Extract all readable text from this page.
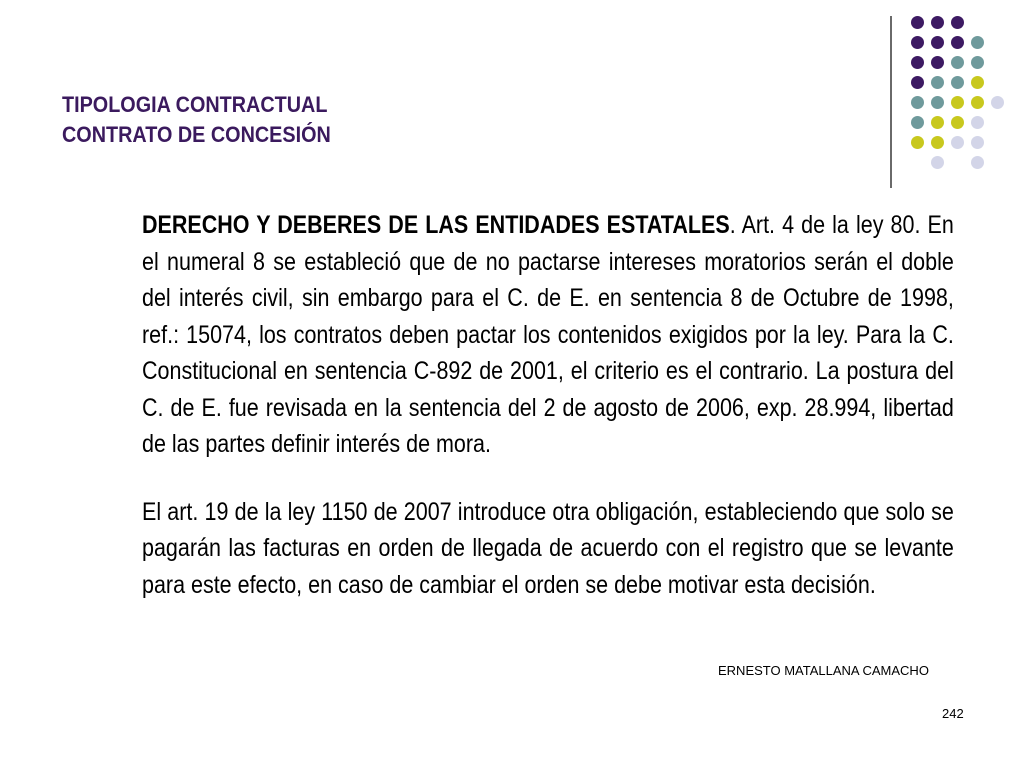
TIPOLOGIA CONTRACTUAL
CONTRATO DE CONCESIÓN

DERECHO Y DEBERES DE LAS ENTIDADES ESTATALES. Art. 4 de la ley 80. En el numeral 8 se estableció que de no pactarse intereses moratorios serán el doble del interés civil, sin embargo para el C. de E. en sentencia 8 de Octubre de 1998, ref.: 15074, los contratos deben pactar los contenidos exigidos por la ley. Para la C. Constitucional en sentencia C-892 de 2001, el criterio es el contrario. La postura del C. de E. fue revisada en la sentencia del 2 de agosto de 2006, exp. 28.994, libertad de las partes definir interés de mora.

El art. 19 de la ley 1150 de 2007 introduce otra obligación, estableciendo que solo se pagarán las facturas en orden de llegada de acuerdo con el registro que se levante para este efecto, en caso de cambiar el orden se debe motivar esta decisión.

ERNESTO MATALLANA CAMACHO
242
